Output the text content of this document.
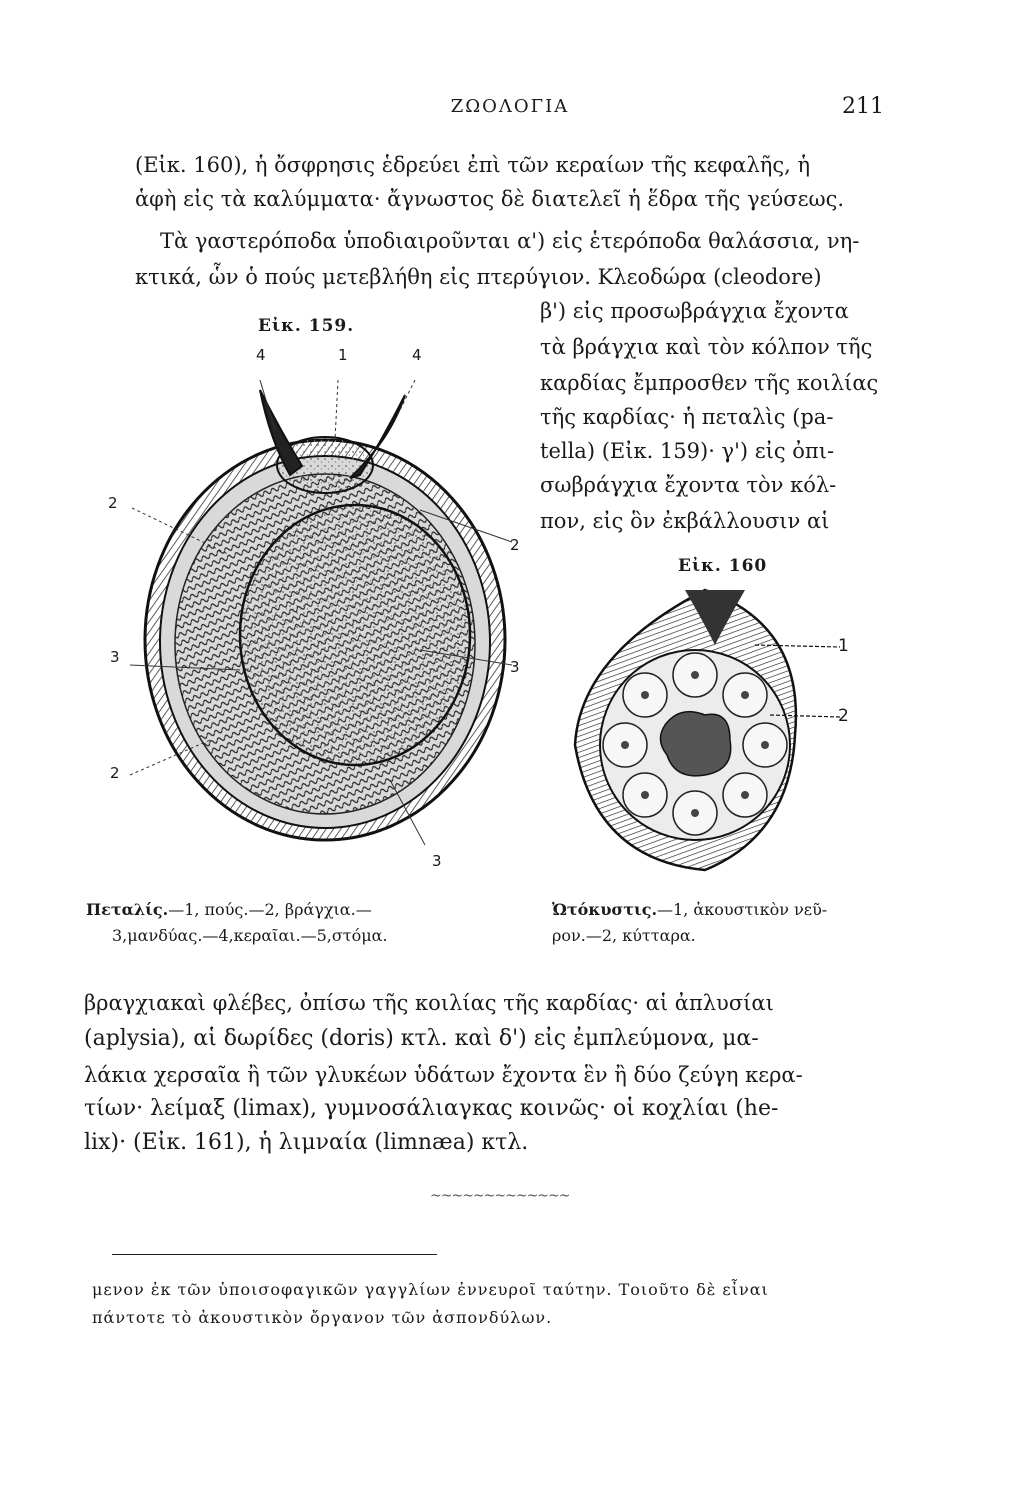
ΖΩΟΛΟΓΙΑ	211
(Εἰκ. 160), ἡ ὄσφρησις ἑδρεύει ἐπὶ τῶν κεραίων τῆς κεφαλῆς, ἡ
ἁφὴ εἰς τὰ καλύμματα· ἄγνωστος δὲ διατελεῖ ἡ ἕδρα τῆς γεύσεως.
Τὰ γαστερόποδα ὑποδιαιροῦνται α') εἰς ἑτερόποδα θαλάσσια, νη-
κτικά, ὧν ὁ πούς μετεβλήθη εἰς πτερύγιον. Κλεοδώρα (cleodore)
β') εἰς προσωβράγχια ἔχοντα
τὰ βράγχια καὶ τὸν κόλπον τῆς
καρδίας ἔμπροσθεν τῆς κοιλίας
τῆς καρδίας· ἡ πεταλὶς (pa-
tella) (Εἰκ. 159)· γ') εἰς ὀπι-
σωβράγχια ἔχοντα τὸν κόλ-
πον, εἰς ὃν ἐκβάλλουσιν αἱ
Εἰκ. 159.
4	1	4
2
2
3
3
2
3
Εἰκ. 160
1
2
Πεταλίς.—1, πούς.—2, βράγχια.—
3,μανδύας.—4,κεραῖαι.—5,στόμα.
Ὠτόκυστις.—1, ἀκουστικὸν νεῦ-
ρον.—2, κύτταρα.
βραγχιακαὶ φλέβες, ὀπίσω τῆς κοιλίας τῆς καρδίας· αἱ ἀπλυσίαι
(aplysia), αἱ δωρίδες (doris) κτλ. καὶ δ') εἰς ἐμπλεύμονα, μα-
λάκια χερσαῖα ἢ τῶν γλυκέων ὑδάτων ἔχοντα ἓν ἢ δύο ζεύγη κερα-
τίων· λείμαξ (limax), γυμνοσάλιαγκας κοινῶς· οἱ κοχλίαι (he-
lix)· (Εἰκ. 161), ἡ λιμναία (limnæa) κτλ.
~~~~~~~~~~~~~
μενον ἐκ τῶν ὑποισοφαγικῶν γαγγλίων ἐννευροῖ ταύτην. Τοιοῦτο δὲ εἶναι
πάντοτε τὸ ἀκουστικὸν ὄργανον τῶν ἀσπονδύλων.
